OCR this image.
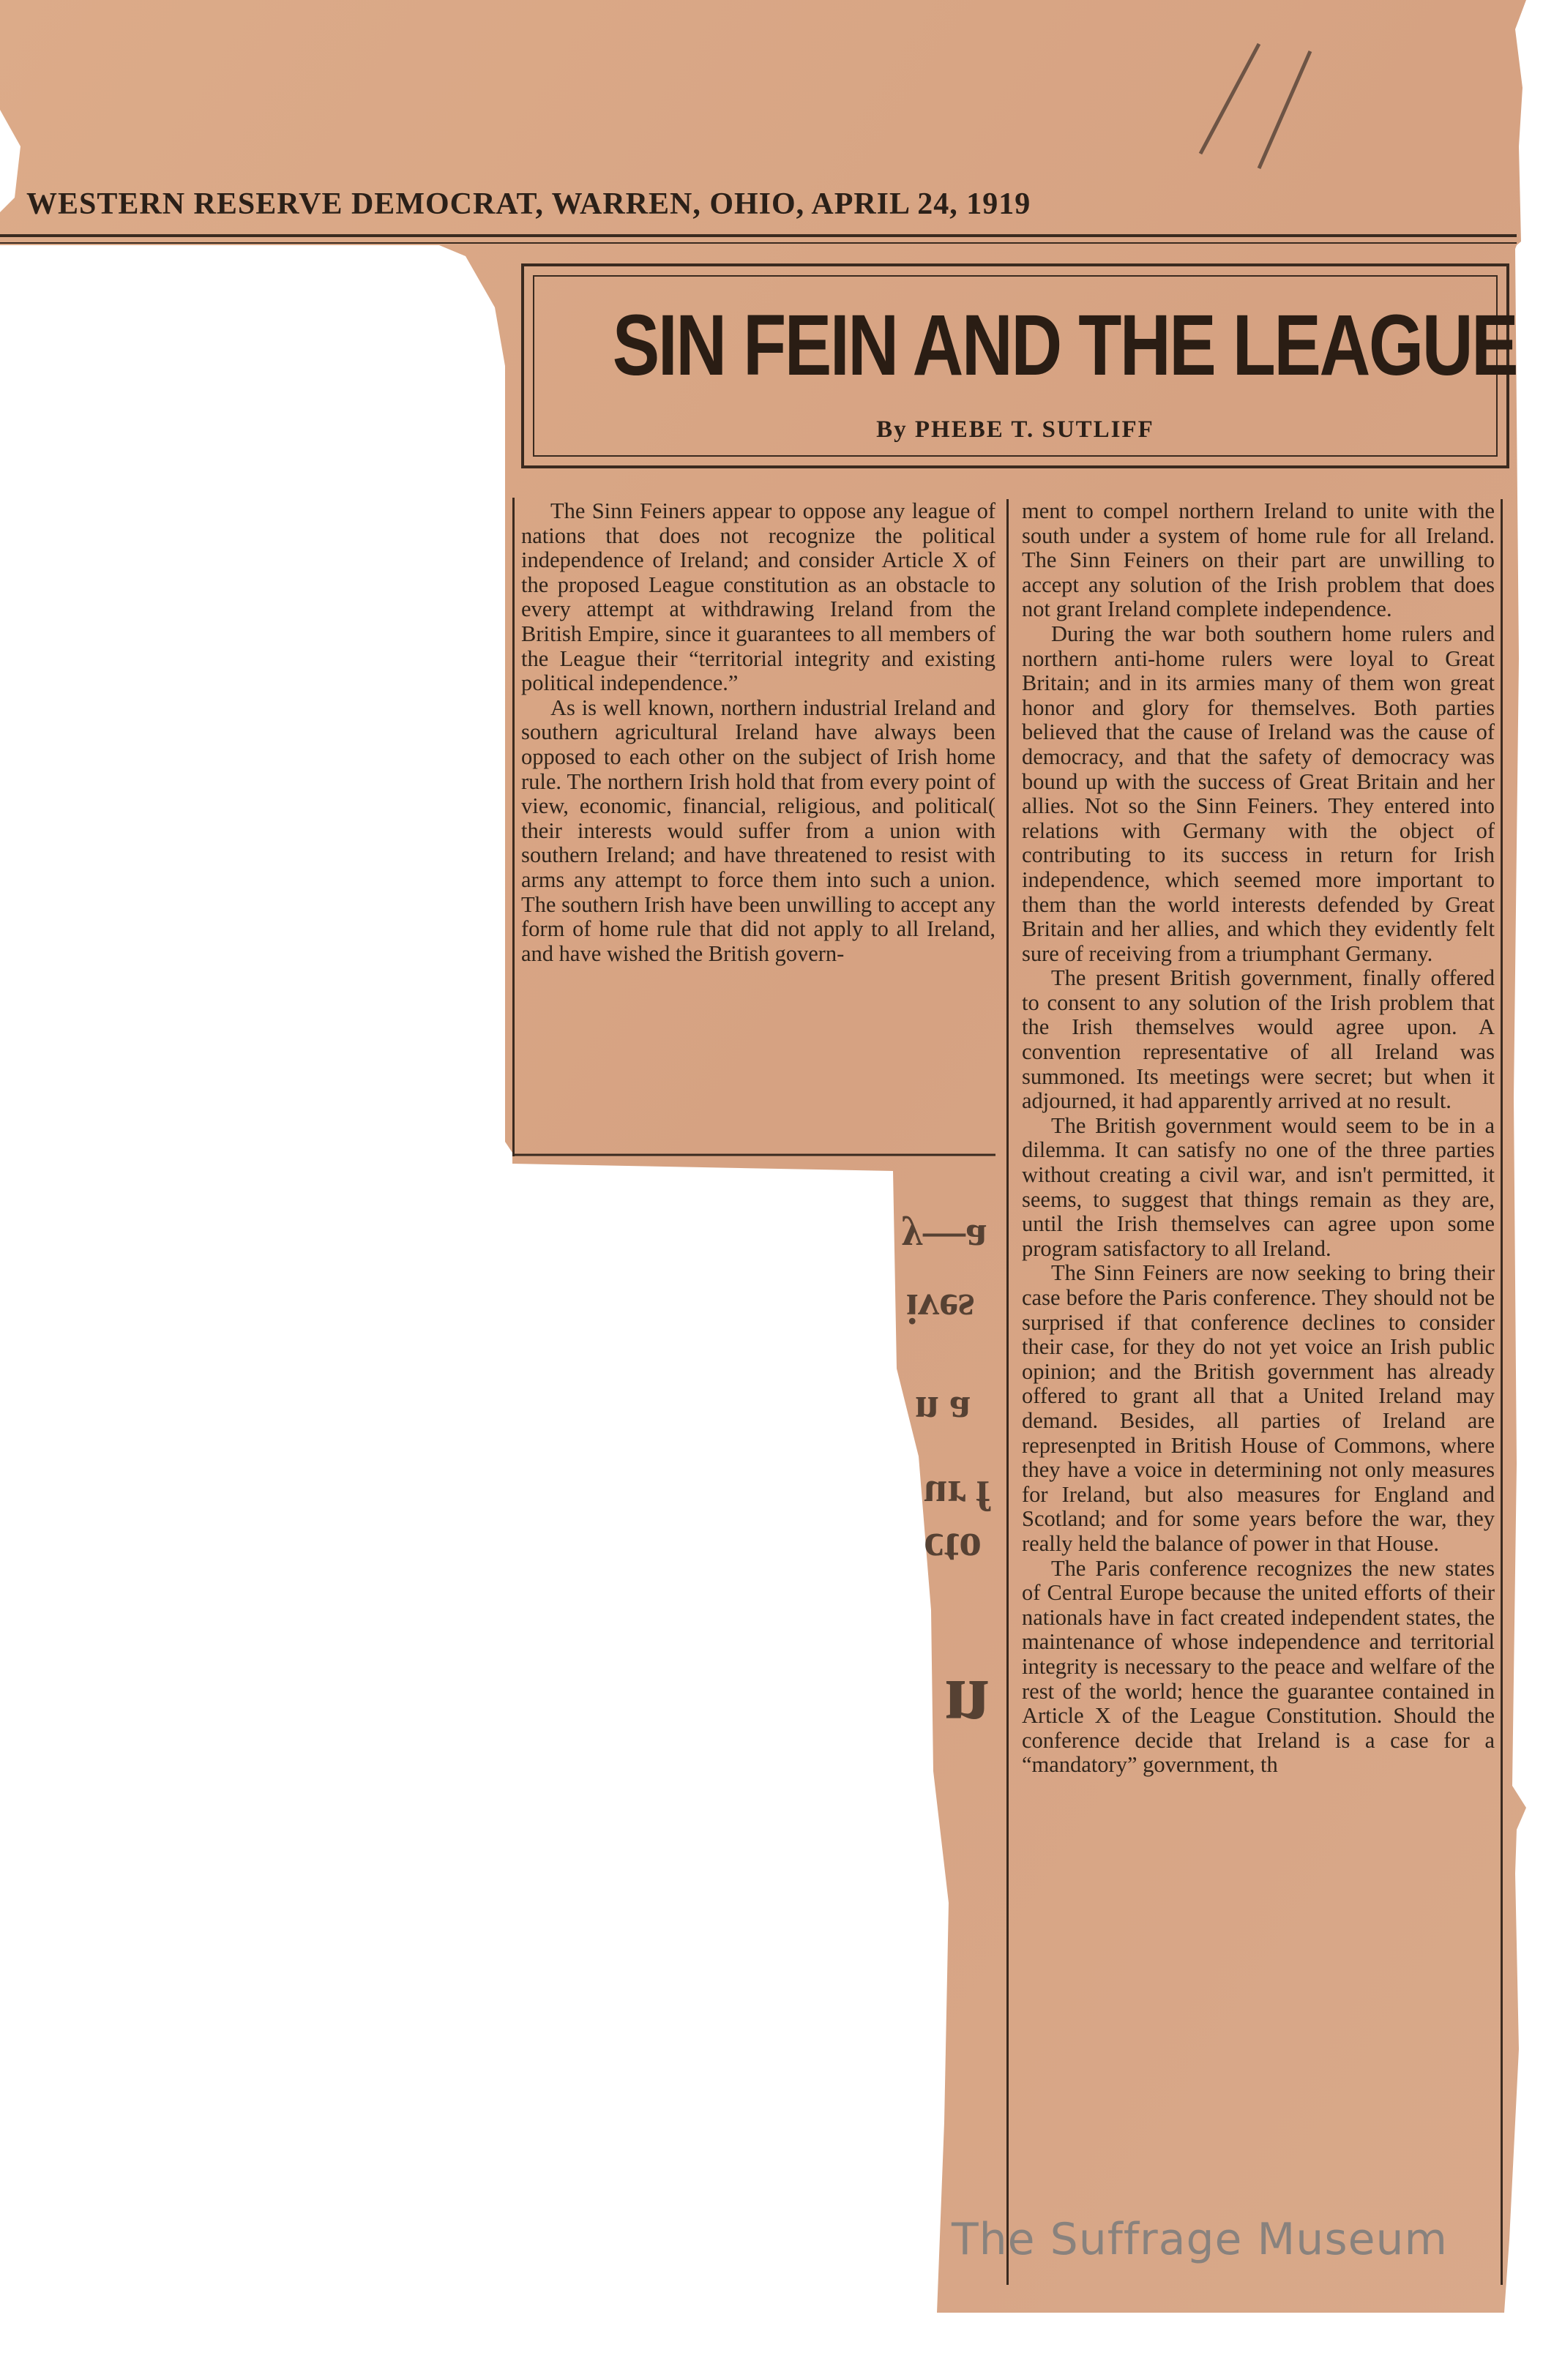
WESTERN RESERVE DEMOCRAT, WARREN, OHIO, APRIL 24, 1919
SIN FEIN AND THE LEAGUE
By PHEBE T. SUTLIFF

The Sinn Feiners appear to oppose any league of nations that does not recognize the political independence of Ireland; and consider Article X of the proposed League constitution as an obstacle to every attempt at withdrawing Ireland from the British Empire, since it guarantees to all members of the League their “territorial integrity and existing political independence.”

As is well known, northern industrial Ireland and southern agricultural Ireland have always been opposed to each other on the subject of Irish home rule. The northern Irish hold that from every point of view, economic, financial, religious, and political( their interests would suffer from a union with southern Ireland; and have threatened to resist with arms any attempt to force them into such a union. The southern Irish have been unwilling to accept any form of home rule that did not apply to all Ireland, and have wished the British govern-

ment to compel northern Ireland to unite with the south under a system of home rule for all Ireland. The Sinn Feiners on their part are unwilling to accept any solution of the Irish problem that does not grant Ireland complete independence.

During the war both southern home rulers and northern anti-home rulers were loyal to Great Britain; and in its armies many of them won great honor and glory for themselves. Both parties believed that the cause of Ireland was the cause of democracy, and that the safety of democracy was bound up with the success of Great Britain and her allies. Not so the Sinn Feiners. They entered into relations with Germany with the object of contributing to its success in return for Irish independence, which seemed more important to them than the world interests defended by Great Britain and her allies, and which they evidently felt sure of receiving from a triumphant Germany.

The present British government, finally offered to consent to any solution of the Irish problem that the Irish themselves would agree upon. A convention representative of all Ireland was summoned. Its meetings were secret; but when it adjourned, it had apparently arrived at no result.

The British government would seem to be in a dilemma. It can satisfy no one of the three parties without creating a civil war, and isn't permitted, it seems, to suggest that things remain as they are, until the Irish themselves can agree upon some program satisfactory to all Ireland.

The Sinn Feiners are now seeking to bring their case before the Paris conference. They should not be surprised if that conference declines to consider their case, for they do not yet voice an Irish public opinion; and the British government has already offered to grant all that a United Ireland may demand. Besides, all parties of Ireland are represenpted in British House of Commons, where they have a voice in determining not only measures for Ireland, but also measures for England and Scotland; and for some years before the war, they really held the balance of power in that House.

The Paris conference recognizes the new states of Central Europe because the united efforts of their nationals have in fact created independent states, the maintenance of whose independence and territorial integrity is necessary to the peace and welfare of the rest of the world; hence the guarantee contained in Article X of the League Constitution. Should the conference decide that Ireland is a case for a “mandatory” government, th

y—a
ives
n a
ur f
cto
n
The Suffrage Museum
